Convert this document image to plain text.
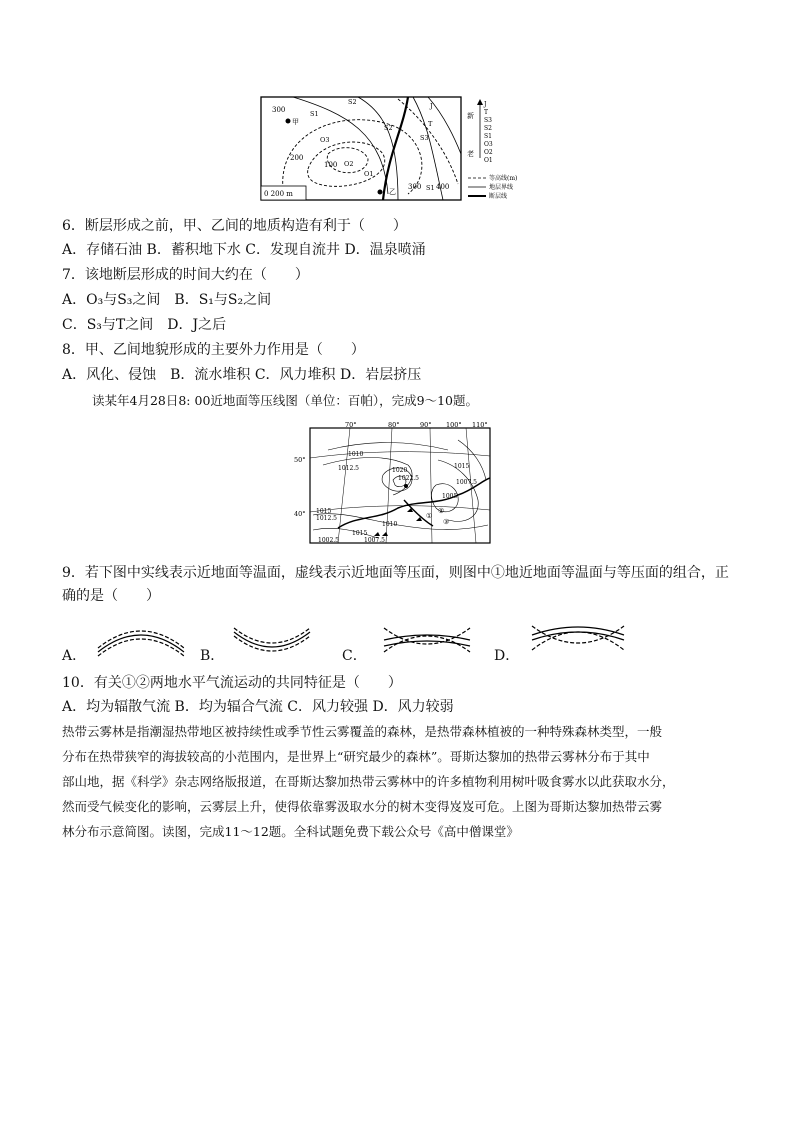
甲
乙
300
200
100
300 400
S1
S2
O3
O2
O1
J
T
S3
S2
S1
0 200 m
新
老
J
T
S3
S2
S1
O3
O2
O1
等高线(m)
地层界线
断层线
6．断层形成之前，甲、乙间的地质构造有利于（　　）
A．存储石油 B．蓄积地下水 C．发现自流井 D．温泉喷涌
7．该地断层形成的时间大约在（　　）
A．O₃与S₃之间　B．S₁与S₂之间
C．S₃与T之间　D．J之后
8．甲、乙间地貌形成的主要外力作用是（　　）
A．风化、侵蚀　B．流水堆积 C．风力堆积 D．岩层挤压
读某年4月28日8: 00近地面等压线图（单位：百帕），完成9～10题。
70°	80°	90° 100° 110°
50°
40°
1010
1012.5	1020
1022.5
1015
1005
1007.5
1015
1012.5
1010
1015
1002.5	1007.5
①
②
③
9．若下图中实线表示近地面等温面，虚线表示近地面等压面，则图中①地近地面等温面与等压面的组合，正
确的是（　　）
A．	B．	C．	D．
10．有关①②两地水平气流运动的共同特征是（　　）
A．均为辐散气流 B．均为辐合气流 C．风力较强 D．风力较弱
热带云雾林是指潮湿热带地区被持续性或季节性云雾覆盖的森林，是热带森林植被的一种特殊森林类型，一般
分布在热带狭窄的海拔较高的小范围内，是世界上“研究最少的森林”。哥斯达黎加的热带云雾林分布于其中
部山地，据《科学》杂志网络版报道，在哥斯达黎加热带云雾林中的许多植物利用树叶吸食雾水以此获取水分，
然而受气候变化的影响，云雾层上升，使得依靠雾汲取水分的树木变得岌岌可危。上图为哥斯达黎加热带云雾
林分布示意简图。读图，完成11～12题。全科试题免费下载公众号《高中僧课堂》
